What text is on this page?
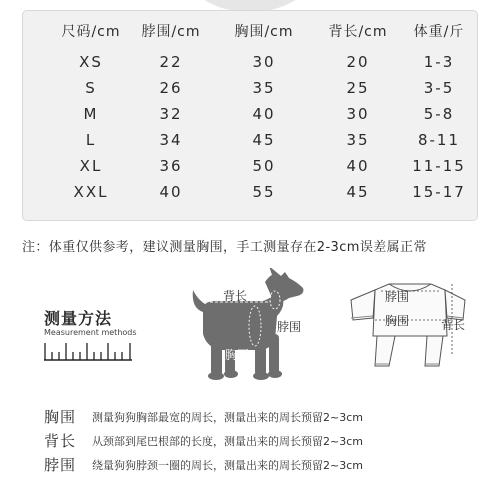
尺码/cm 脖围/cm 胸围/cm 背长/cm 体重/斤
XS	22	30	20	1-3
S	26	35	25	3-5
M	32	40	30	5-8
L	34	45	35	8-11
XL	36	50	40	11-15
XXL	40	55	45	15-17
注：体重仅供参考，建议测量胸围，手工测量存在2-3cm误差属正常
测量方法
Measurement methods
背长
脖围
胸围
脖围
胸围	背长
胸围 测量狗狗胸部最宽的周长，测量出来的周长预留2~3cm
背长 从颈部到尾巴根部的长度，测量出来的周长预留2~3cm
脖围 绕量狗狗脖颈一圈的周长，测量出来的周长预留2~3cm
